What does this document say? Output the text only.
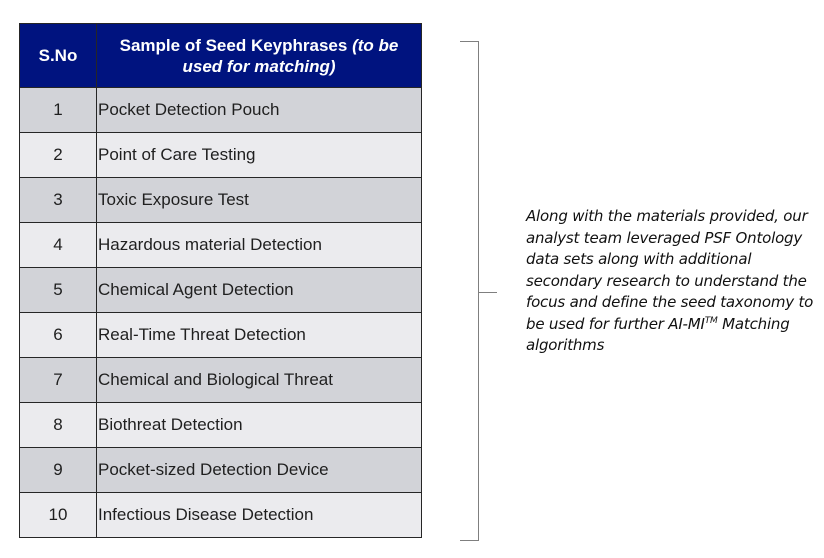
S.No	Sample of Seed Keyphrases (to be used for matching)
1	Pocket Detection Pouch
2	Point of Care Testing
3	Toxic Exposure Test
4	Hazardous material Detection
5	Chemical Agent Detection
6	Real-Time Threat Detection
7	Chemical and Biological Threat
8	Biothreat Detection
9	Pocket-sized Detection Device
10	Infectious Disease Detection
Along with the materials provided, our analyst team leveraged PSF Ontology data sets along with additional secondary research to understand the focus and define the seed taxonomy to be used for further AI-MI™ Matching algorithms
